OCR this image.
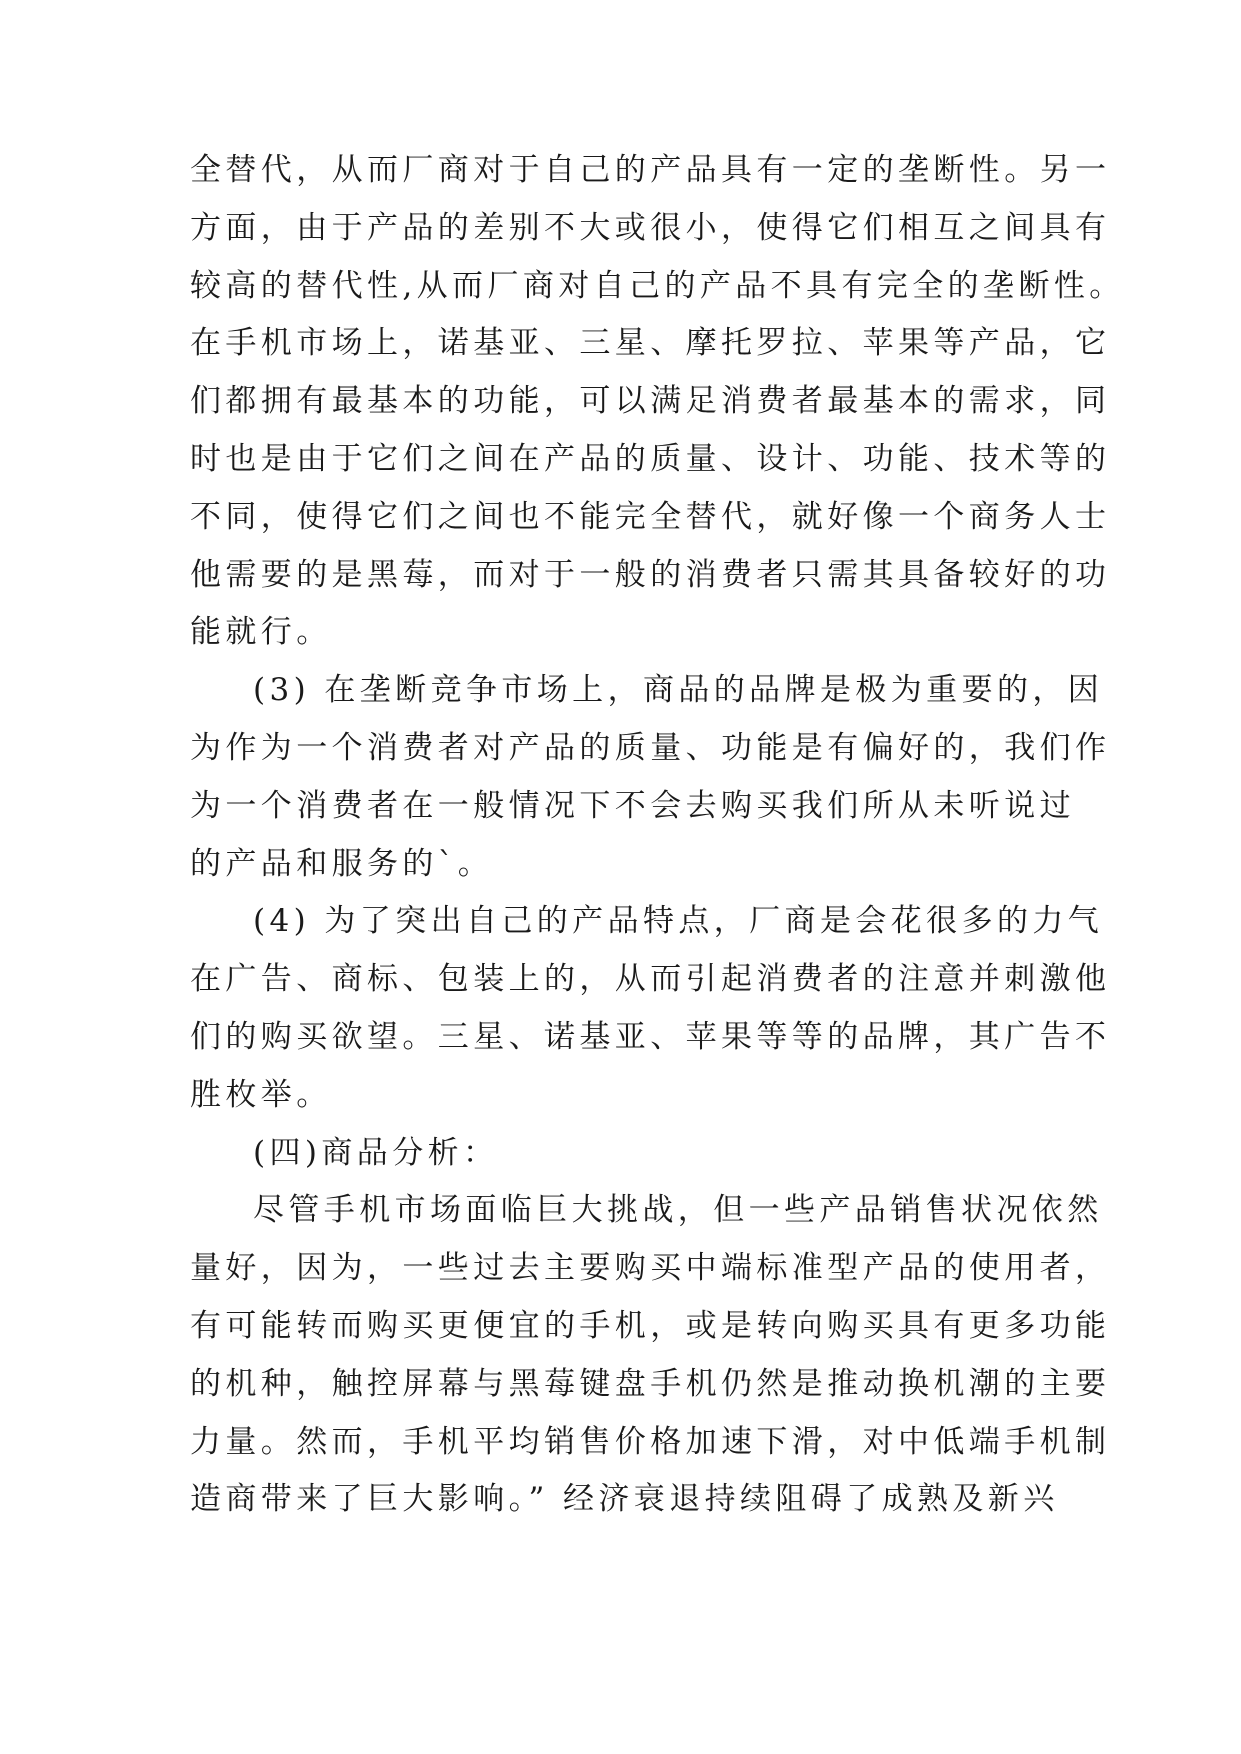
全替代，从而厂商对于自己的产品具有一定的垄断性。另一
方面，由于产品的差别不大或很小，使得它们相互之间具有
较高的替代性,从而厂商对自己的产品不具有完全的垄断性。
在手机市场上，诺基亚、三星、摩托罗拉、苹果等产品，它
们都拥有最基本的功能，可以满足消费者最基本的需求，同
时也是由于它们之间在产品的质量、设计、功能、技术等的
不同，使得它们之间也不能完全替代，就好像一个商务人士
他需要的是黑莓，而对于一般的消费者只需其具备较好的功
能就行。
(3) 在垄断竞争市场上，商品的品牌是极为重要的，因
为作为一个消费者对产品的质量、功能是有偏好的，我们作
为一个消费者在一般情况下不会去购买我们所从未听说过
的产品和服务的`。
(4) 为了突出自己的产品特点，厂商是会花很多的力气
在广告、商标、包装上的，从而引起消费者的注意并刺激他
们的购买欲望。三星、诺基亚、苹果等等的品牌，其广告不
胜枚举。
(四)商品分析：
尽管手机市场面临巨大挑战，但一些产品销售状况依然
量好，因为，一些过去主要购买中端标准型产品的使用者，
有可能转而购买更便宜的手机，或是转向购买具有更多功能
的机种，触控屏幕与黑莓键盘手机仍然是推动换机潮的主要
力量。然而，手机平均销售价格加速下滑，对中低端手机制
造商带来了巨大影响。” 经济衰退持续阻碍了成熟及新兴
